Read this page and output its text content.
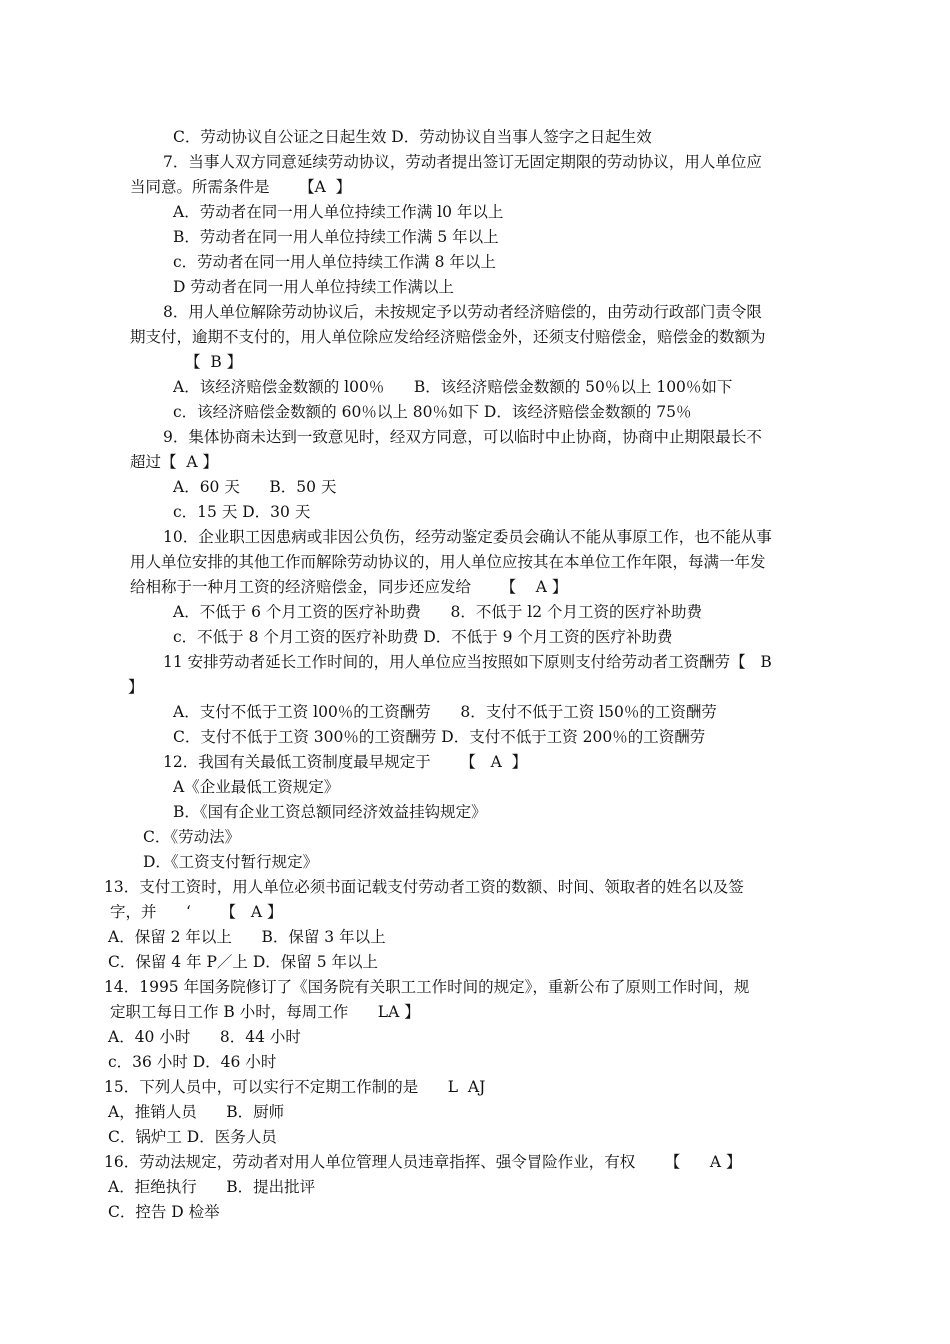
C．劳动协议自公证之日起生效 D．劳动协议自当事人签字之日起生效
7．当事人双方同意延续劳动协议，劳动者提出签订无固定期限的劳动协议，用人单位应
当同意。所需条件是      【A  】
A．劳动者在同一用人单位持续工作满 l0 年以上
B．劳动者在同一用人单位持续工作满 5 年以上
c．劳动者在同一用人单位持续工作满 8 年以上
D 劳动者在同一用人单位持续工作满以上
8．用人单位解除劳动协议后，未按规定予以劳动者经济赔偿的，由劳动行政部门责令限
期支付，逾期不支付的，用人单位除应发给经济赔偿金外，还须支付赔偿金，赔偿金的数额为
【  B 】
A．该经济赔偿金数额的 l00％      B．该经济赔偿金数额的 50％以上 100％如下
c．该经济赔偿金数额的 60％以上 80％如下 D．该经济赔偿金数额的 75％
9．集体协商未达到一致意见时，经双方同意，可以临时中止协商，协商中止期限最长不
超过【  A 】
A．60 天      B．50 天
c．15 天 D．30 天
10．企业职工因患病或非因公负伤，经劳动鉴定委员会确认不能从事原工作，也不能从事
用人单位安排的其他工作而解除劳动协议的，用人单位应按其在本单位工作年限，每满一年发
给相称于一种月工资的经济赔偿金，同步还应发给      【    A 】
A．不低于 6 个月工资的医疗补助费      8．不低于 l2 个月工资的医疗补助费
c．不低于 8 个月工资的医疗补助费 D．不低于 9 个月工资的医疗补助费
11 安排劳动者延长工作时间的，用人单位应当按照如下原则支付给劳动者工资酬劳【   B
】
A．支付不低于工资 l00％的工资酬劳      8．支付不低于工资 l50％的工资酬劳
C．支付不低于工资 300％的工资酬劳 D．支付不低于工资 200％的工资酬劳
12．我国有关最低工资制度最早规定于      【   A  】
A《企业最低工资规定》
B．《国有企业工资总额同经济效益挂钩规定》
C．《劳动法》
D．《工资支付暂行规定》
13．支付工资时，用人单位必须书面记载支付劳动者工资的数额、时间、领取者的姓名以及签
字，并      ‘      【   A 】
A．保留 2 年以上      B．保留 3 年以上
C．保留 4 年 P／上 D．保留 5 年以上
14．1995 年国务院修订了《国务院有关职工工作时间的规定》，重新公布了原则工作时间，规
定职工每日工作 B 小时，每周工作      LA 】
A．40 小时      8．44 小时
c．36 小时 D．46 小时
15．下列人员中，可以实行不定期工作制的是      L  AJ
A，推销人员      B．厨师
C．锅炉工 D．医务人员
16．劳动法规定，劳动者对用人单位管理人员违章指挥、强令冒险作业，有权      【      A 】
A．拒绝执行      B．提出批评
C．控告 D 检举
